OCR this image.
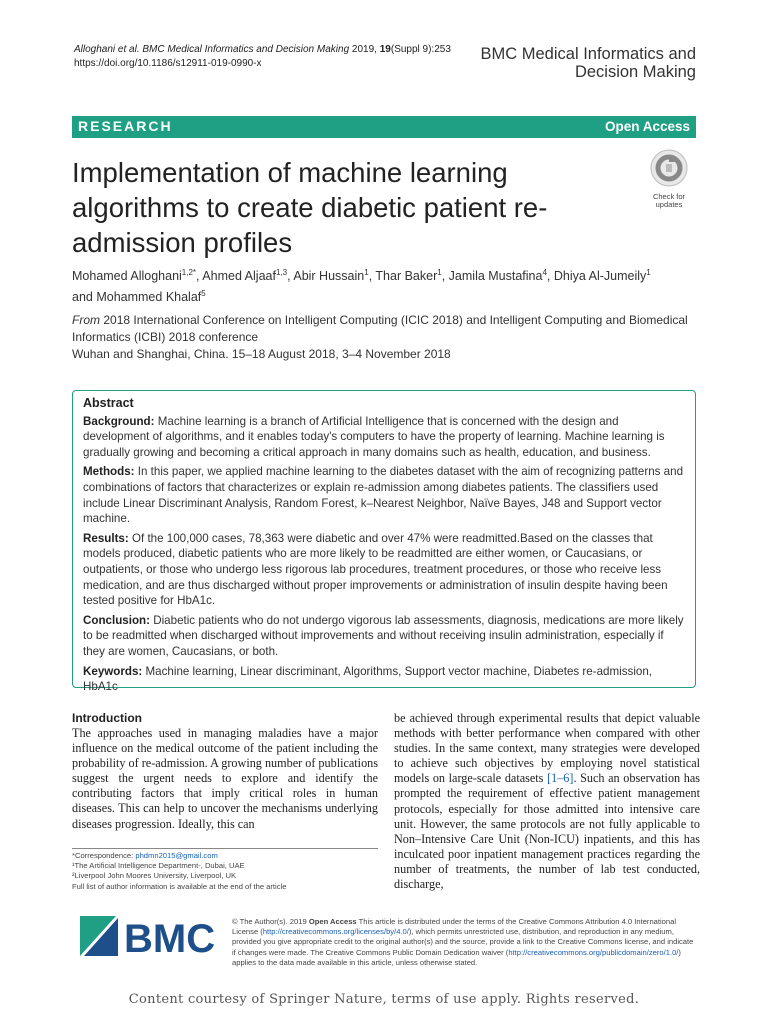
Alloghani et al. BMC Medical Informatics and Decision Making 2019, 19(Suppl 9):253
https://doi.org/10.1186/s12911-019-0990-x
BMC Medical Informatics and
Decision Making
RESEARCH	Open Access
Implementation of machine learning algorithms to create diabetic patient re-admission profiles
Check for
updates
Mohamed Alloghani$^{1,2*}$, Ahmed Aljaaf$^{1,3}$, Abir Hussain$^1$, Thar Baker$^1$, Jamila Mustafina$^4$, Dhiya Al-Jumeily$^1$
and Mohammed Khalaf$^5$
From 2018 International Conference on Intelligent Computing (ICIC 2018) and Intelligent Computing and Biomedical Informatics (ICBI) 2018 conference
Wuhan and Shanghai, China. 15–18 August 2018, 3–4 November 2018
Abstract

Background: Machine learning is a branch of Artificial Intelligence that is concerned with the design and development of algorithms, and it enables today's computers to have the property of learning. Machine learning is gradually growing and becoming a critical approach in many domains such as health, education, and business.

Methods: In this paper, we applied machine learning to the diabetes dataset with the aim of recognizing patterns and combinations of factors that characterizes or explain re-admission among diabetes patients. The classifiers used include Linear Discriminant Analysis, Random Forest, k–Nearest Neighbor, Naïve Bayes, J48 and Support vector machine.

Results: Of the 100,000 cases, 78,363 were diabetic and over 47% were readmitted.Based on the classes that models produced, diabetic patients who are more likely to be readmitted are either women, or Caucasians, or outpatients, or those who undergo less rigorous lab procedures, treatment procedures, or those who receive less medication, and are thus discharged without proper improvements or administration of insulin despite having been tested positive for HbA1c.

Conclusion: Diabetic patients who do not undergo vigorous lab assessments, diagnosis, medications are more likely to be readmitted when discharged without improvements and without receiving insulin administration, especially if they are women, Caucasians, or both.

Keywords: Machine learning, Linear discriminant, Algorithms, Support vector machine, Diabetes re-admission, HbA1c

Introduction

The approaches used in managing maladies have a major influence on the medical outcome of the patient including the probability of re-admission. A growing number of publications suggest the urgent needs to explore and identify the contributing factors that imply critical roles in human diseases. This can help to uncover the mechanisms underlying diseases progression. Ideally, this can

be achieved through experimental results that depict valuable methods with better performance when compared with other studies. In the same context, many strategies were developed to achieve such objectives by employing novel statistical models on large-scale datasets [1–6]. Such an observation has prompted the requirement of effective patient management protocols, especially for those admitted into intensive care unit. However, the same protocols are not fully applicable to Non–Intensive Care Unit (Non-ICU) inpatients, and this has inculcated poor inpatient management practices regarding the number of treatments, the number of lab test conducted, discharge,

*Correspondence: phdmn2015@gmail.com
¹The Artificial Intelligence Department-, Dubai, UAE
²Liverpool John Moores University, Liverpool, UK
Full list of author information is available at the end of the article
BMC © The Author(s). 2019 Open Access This article is distributed under the terms of the Creative Commons Attribution 4.0 International License (http://creativecommons.org/licenses/by/4.0/), which permits unrestricted use, distribution, and reproduction in any medium, provided you give appropriate credit to the original author(s) and the source, provide a link to the Creative Commons license, and indicate if changes were made. The Creative Commons Public Domain Dedication waiver (http://creativecommons.org/publicdomain/zero/1.0/) applies to the data made available in this article, unless otherwise stated.
Content courtesy of Springer Nature, terms of use apply. Rights reserved.
